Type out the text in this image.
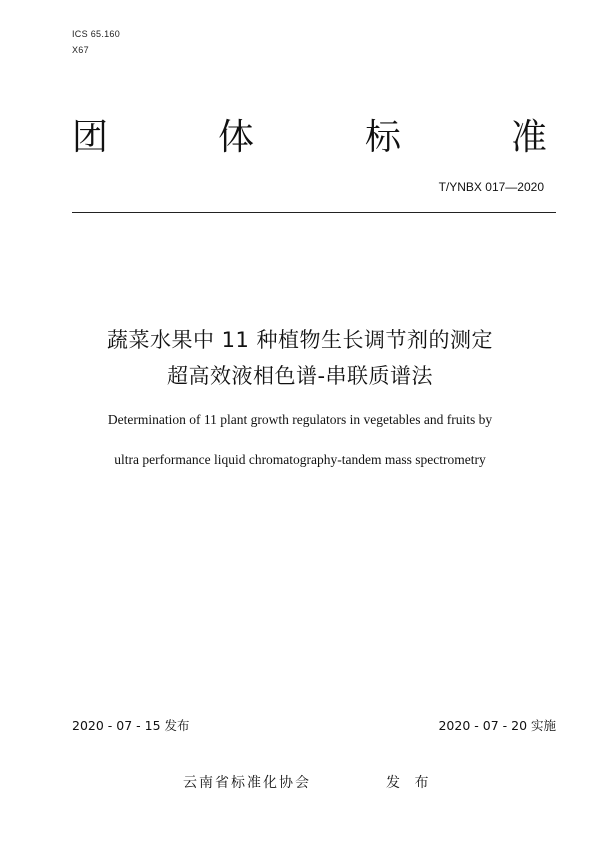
ICS 65.160
X67
团	体	标	准
T/YNBX 017—2020
蔬菜水果中 11 种植物生长调节剂的测定
超高效液相色谱-串联质谱法
Determination of 11 plant growth regulators in vegetables and fruits by
ultra performance liquid chromatography-tandem mass spectrometry
2020 - 07 - 15 发布	2020 - 07 - 20 实施
云南省标准化协会	发 布
